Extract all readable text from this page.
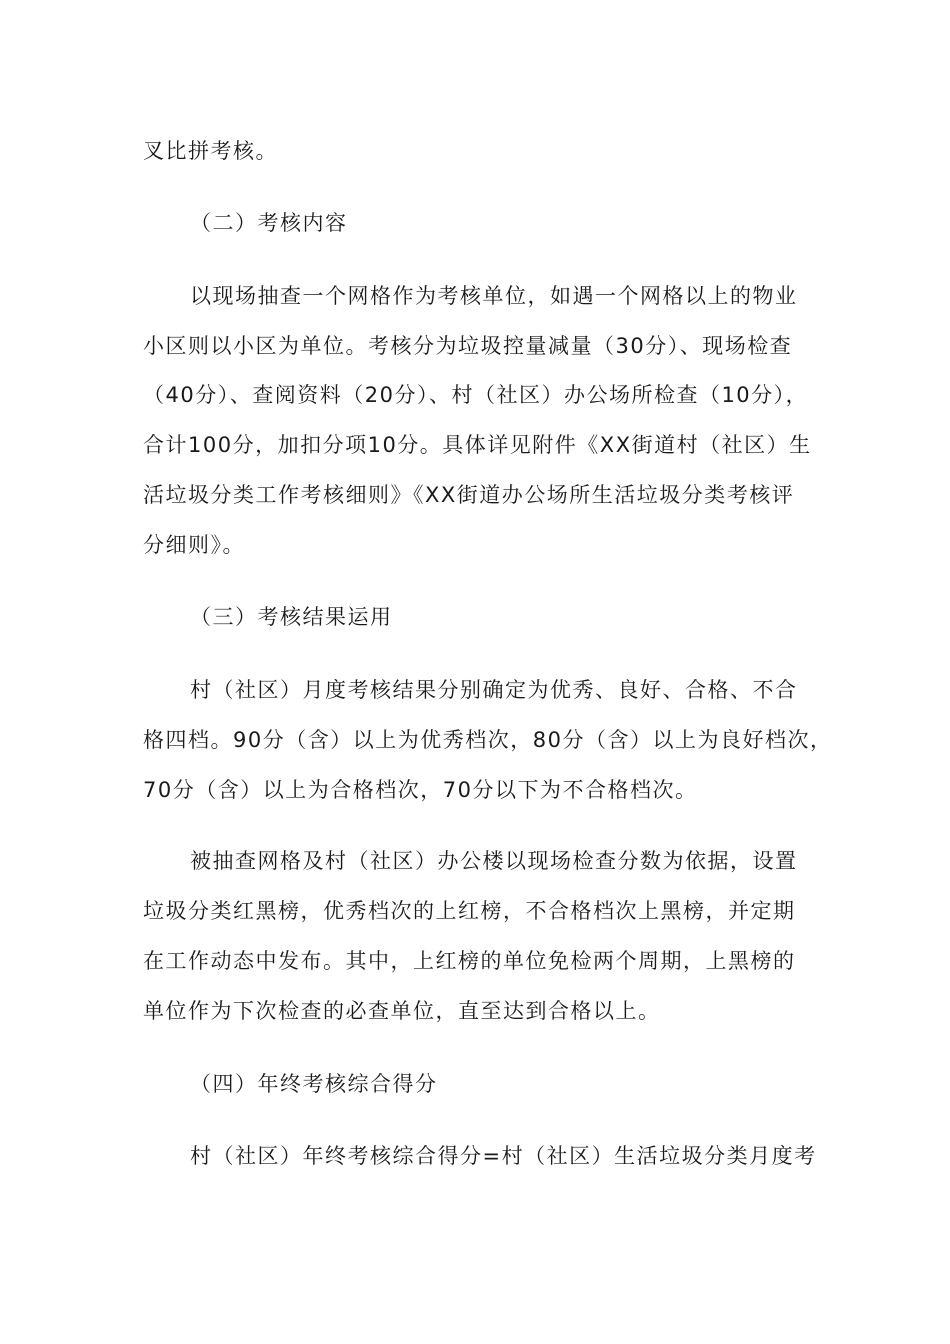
叉比拼考核。
（二）考核内容
以现场抽查一个网格作为考核单位，如遇一个网格以上的物业
小区则以小区为单位。考核分为垃圾控量减量（30分）、现场检查
（40分）、查阅资料（20分）、村（社区）办公场所检查（10分），
合计100分，加扣分项10分。具体详见附件《XX街道村（社区）生
活垃圾分类工作考核细则》《XX街道办公场所生活垃圾分类考核评
分细则》。
（三）考核结果运用
村（社区）月度考核结果分别确定为优秀、良好、合格、不合
格四档。90分（含）以上为优秀档次，80分（含）以上为良好档次，
70分（含）以上为合格档次，70分以下为不合格档次。
被抽查网格及村（社区）办公楼以现场检查分数为依据，设置
垃圾分类红黑榜，优秀档次的上红榜，不合格档次上黑榜，并定期
在工作动态中发布。其中，上红榜的单位免检两个周期，上黑榜的
单位作为下次检查的必查单位，直至达到合格以上。
（四）年终考核综合得分
村（社区）年终考核综合得分=村（社区）生活垃圾分类月度考
